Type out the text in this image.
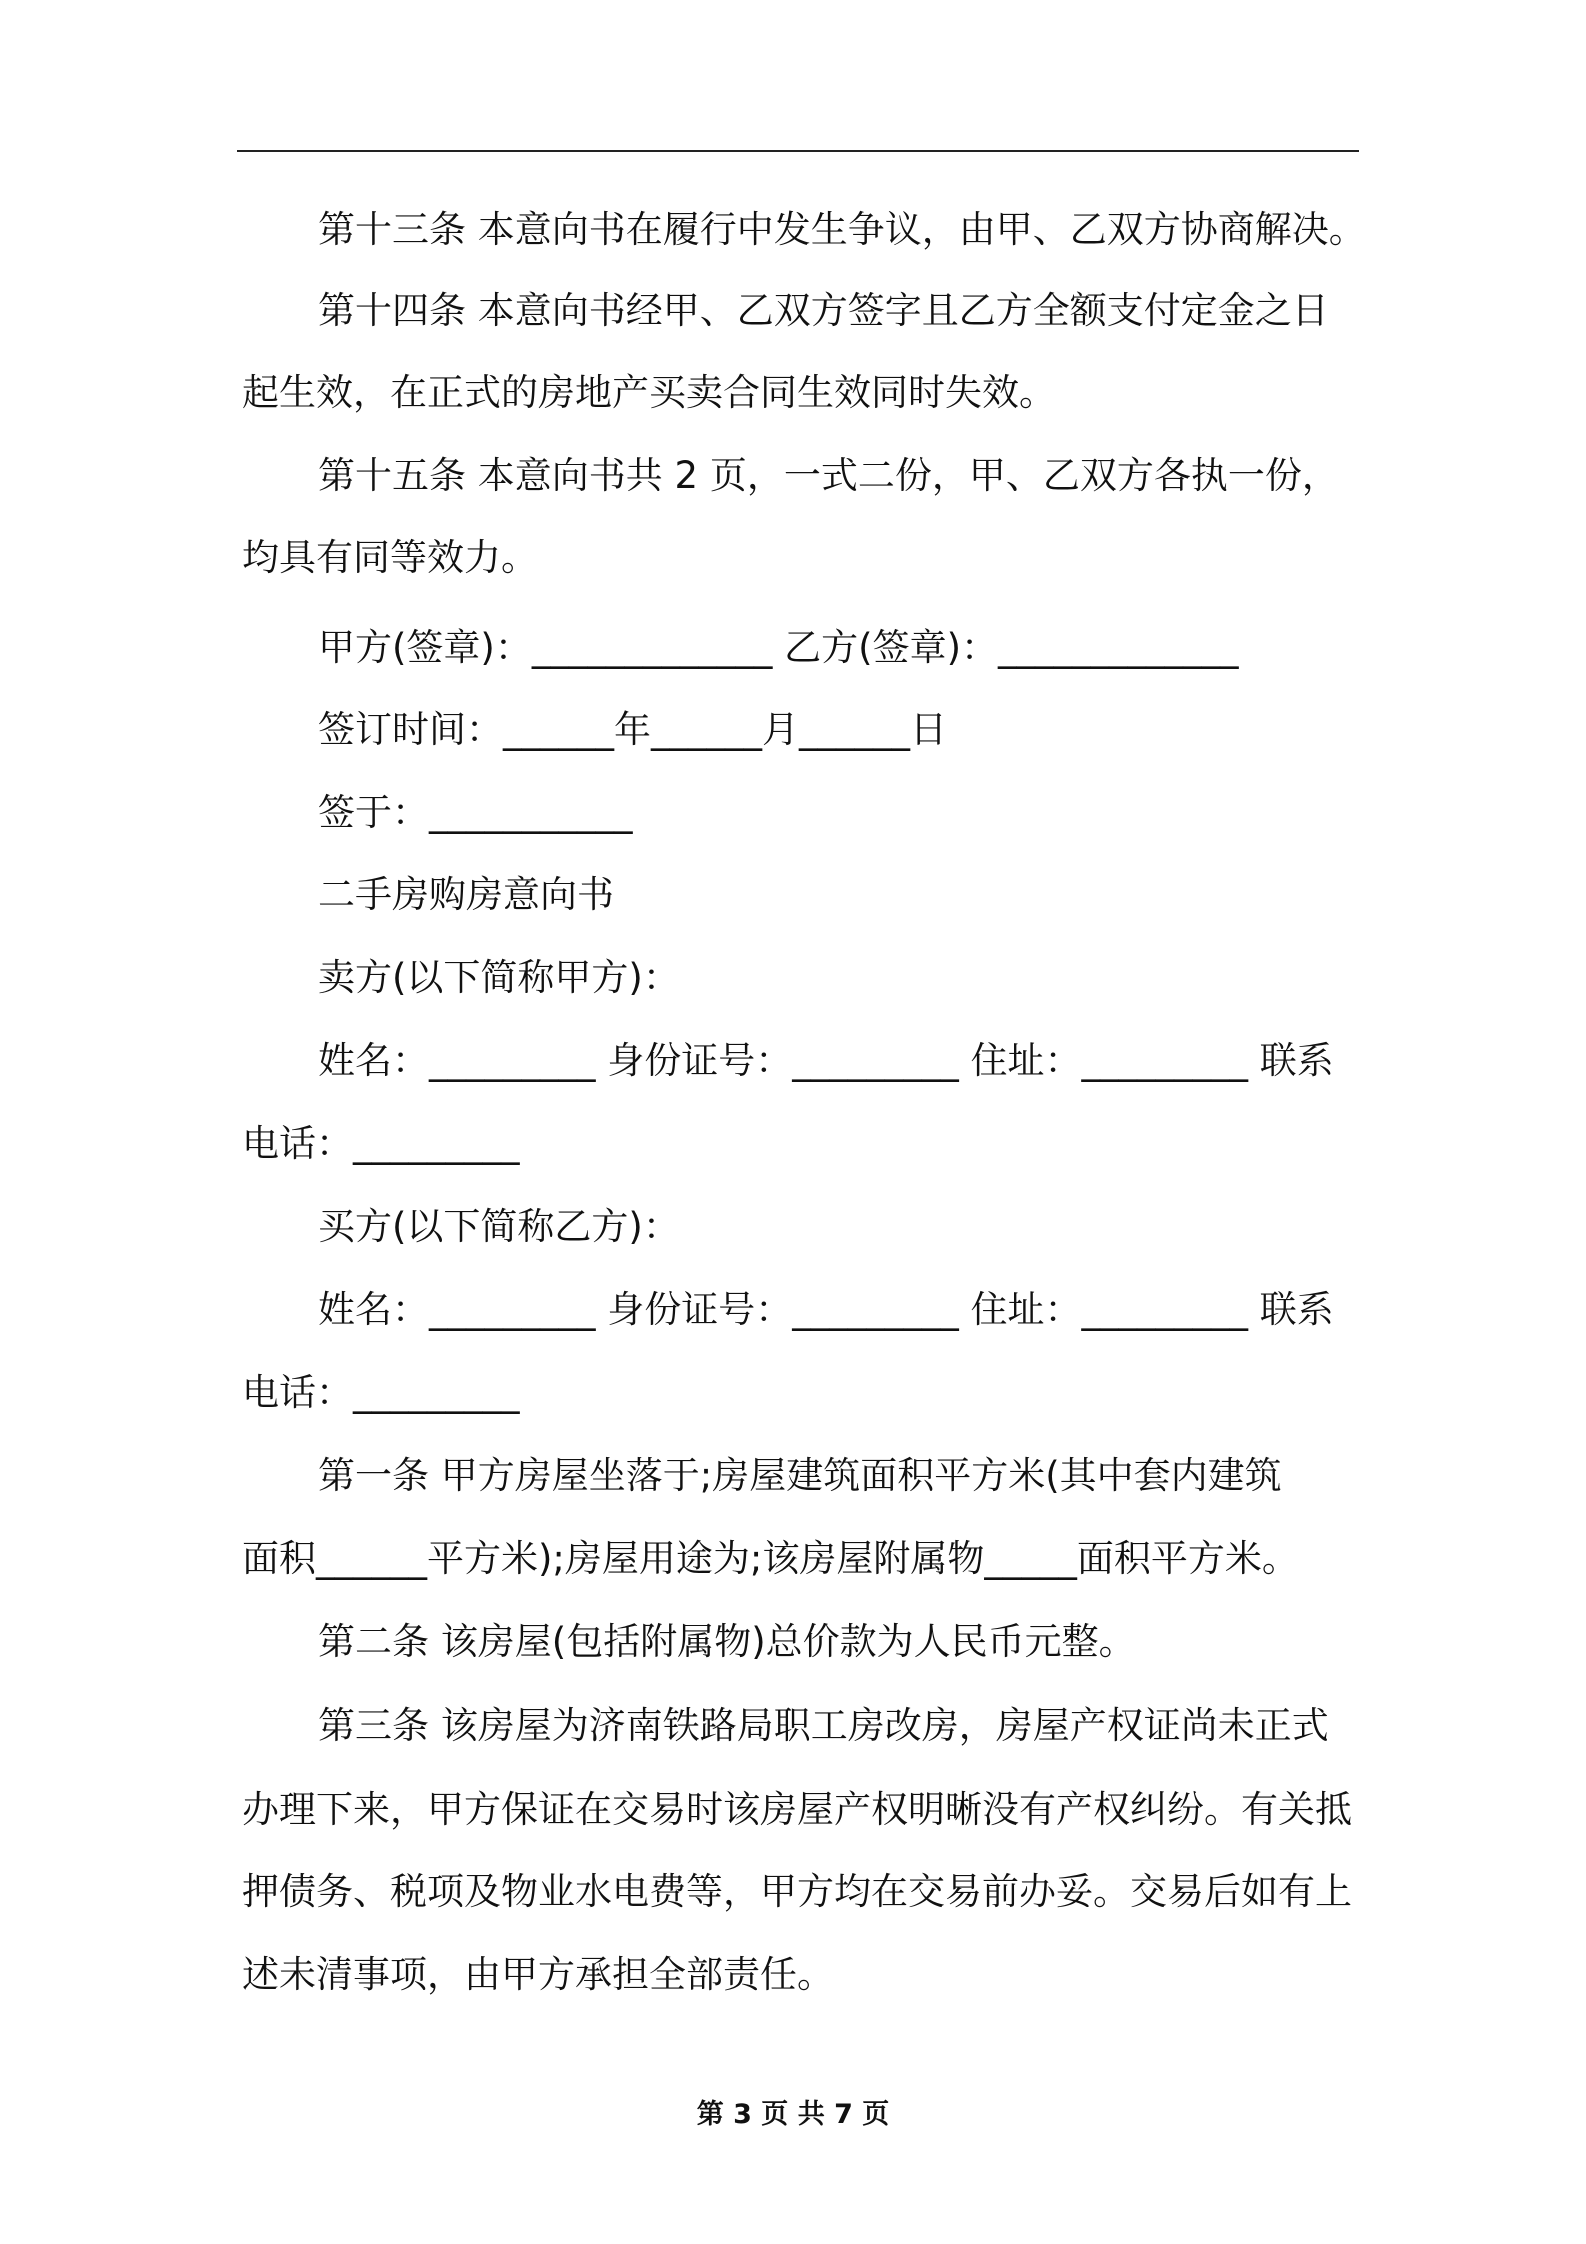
第十三条 本意向书在履行中发生争议，由甲、乙双方协商解决。
第十四条 本意向书经甲、乙双方签字且乙方全额支付定金之日
起生效，在正式的房地产买卖合同生效同时失效。
第十五条 本意向书共 2 页，一式二份，甲、乙双方各执一份，
均具有同等效力。
甲方(签章)：_____________ 乙方(签章)：_____________
签订时间：______年______月______日
签于：___________
二手房购房意向书
卖方(以下简称甲方)：
姓名：_________ 身份证号：_________ 住址：_________ 联系
电话：_________
买方(以下简称乙方)：
姓名：_________ 身份证号：_________ 住址：_________ 联系
电话：_________
第一条 甲方房屋坐落于;房屋建筑面积平方米(其中套内建筑
面积______平方米);房屋用途为;该房屋附属物_____面积平方米。
第二条 该房屋(包括附属物)总价款为人民币元整。
第三条 该房屋为济南铁路局职工房改房，房屋产权证尚未正式
办理下来，甲方保证在交易时该房屋产权明晰没有产权纠纷。有关抵
押债务、税项及物业水电费等，甲方均在交易前办妥。交易后如有上
述未清事项，由甲方承担全部责任。
第 3 页 共 7 页
